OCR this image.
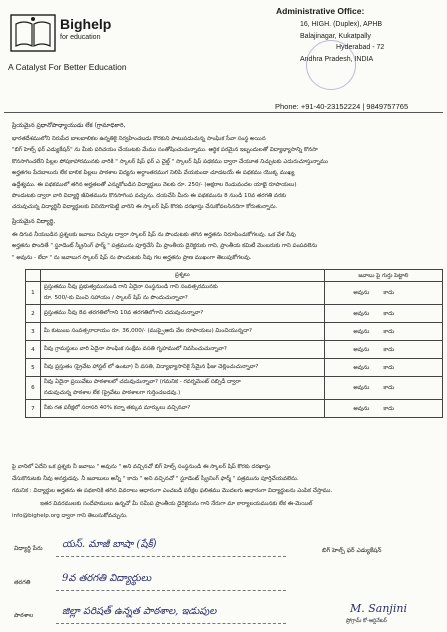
Bighelp
for education
A Catalyst For Better Education
Administrative Office:
16, HIGH. (Duplex), APHB
Balajinagar, Kukatpally
Hyderabad - 72
Andhra Pradesh, INDIA
Phone: +91-40-23152224 | 9849757765
ప్రియమైన ప్రధానోపాధ్యాయుడు లేక (గ్రామాధికారి,
భారతదేశములోని నిరుపేద బాలబాలికల ఉన్నతికై నిర్వహించబడు కొరకుని పాటుపడుచున్న సాంఘిక సేవా సంస్థ అయిన
"బిగ్ హెల్ప్ ఫర్ ఎడ్యుకేషన్" ను మీకు పరిచయం చేయుటకు మేము సంతోషించుచున్నాము. ఆర్థిక పరమైన ఇబ్బందులతో విద్యాభ్యాసాన్ని కొనసా
కొనసాగించలేని పిల్లల పోషకాహారమునకు వారికి " స్కాలర్ షిప్ ఫర్ ఎ చైల్డ్ " స్కాలర్ షిప్ పథకము ద్వారా చేయూత నిచ్చుటకు ఎదురుచూస్తున్నాము
అర్హతగల పేదబాలురు లేక బాలిక పిల్లలు పాఠశాల విద్యను అర్ధాంతరముగ నిలిపి వేయకుండా చూడటయే ఈ పథకము యొక్క ముఖ్య
ఉద్దేశ్యము. ఈ పథకములో తగిన అర్హతలతో ఎన్నుకోబడిన విద్యార్థులు నెలకు రూ. 250/- (అక్షరాల రెండువందల యాభై రూపాయలు)
పొందుటకు ద్వారా వారి విద్యార్థి జీవితమును కొనసాగింప వచ్చును. దయచేసి మీరు ఈ పథకమును 8 నుండి 10వ తరగతి వరకు
చదువుచున్న విద్యార్థినీ విద్యార్థులకు వినియోగపెట్టి వారిని ఈ స్కాలర్ షిప్ కొరకు దరఖాస్తు చేసుకోవలసినదిగా కోరుతున్నాను.
ప్రియమైన విద్యార్థి,
ఈ దిగువ నీయబడిన ప్రశ్నలకు జవాబు నిచ్చుట ద్వారా స్కాలర్ షిప్ ను పొందుటకు తగిన అర్హతను నిరూపించుకోగలవు. ఒక వేళ నీవు
అర్హతను పొందితే " స్టూడెంట్ స్క్రీనింగ్ ఫార్మ్ " పత్రమును పూర్తిచేసి మీ ప్రాంతీయ డైరెక్టరుకు గాని, ప్రాంతీయ కమిటీ మెంబరుకు గాని పంపవలెను
" అవును - లేదా " ను జవాబుగ స్కాలర్ షిప్ ను పొందుటకు నీవు గల అర్హతను ప్రాణ ముఖంగా తెలుపుకోగలవు.
	ప్రశ్నలు	జవాబు పై గుర్తు పెట్టాలి
1	ప్రస్తుతము నీవు ప్రభుత్వమునుండి గాని ఏదైనా సంస్థనుండి గాని సంవత్సరమునకు
రూ. 500/-కు మించి సహాయం / స్కాలర్ షిప్ ను పొందుచున్నావా?	అవును కాదు
2	ప్రస్తుతము నీవు 8వ తరగతిలోగాని 10వ తరగతిలోగాని చదువుచున్నావా?	అవును కాదు
3	మీ కుటుంబ సంవత్సరాదాయం రూ. 36,000/- (ముప్పైఆరు వేల రూపాయలు) మించియున్నదా?	అవును కాదు
4	నీవు గ్రామస్థులు వారి ఏదైనా సాంఘిక సంక్షేమ వసతి గృహములో నివసించుచున్నావా?	అవును కాదు
5	నీవు ప్రస్తుతం (ప్రైవేట హాస్టల్ లో ఉంటూ) నీ వసతి, విద్యాభ్యాసానికై సేమైన ఫీజు చెల్లించుచున్నావా?	అవును కాదు
6	నీవు ఏదైనా ప్రయివేటు పాఠశాలలో చదువుచున్నావా? (గమనిక - గవర్నమెంట్ సబ్సిడీ ద్వారా
నడువుచున్న పాఠశాల లేక (ప్రైవేటు పాఠశాలగా గుర్తించబడవు.)	అవును కాదు
7	నీకు గత పరీక్షలో సరాసరి 40% కన్నా తక్కువ మార్కులు వచ్చినవా?	అవును కాదు
పై వానిలో ఏదేని ఒక ప్రశ్నకు నీ జవాబు " అవును " అని వచ్చినచో బిగ్ హెల్ప్ సంస్థనుండి ఈ స్కాలర్ షిప్ కొరకు దరఖాస్తు
చేసుకొనుటకు నీవు అనర్హుడవు. నీ జవాబులు అన్నీ " కాదు " అని వచ్చినచో " స్టూడెంట్ స్క్రీనింగ్ ఫార్మ్ " పత్రమును పూర్తిచేయవలెను.
గమనిక : విద్యార్థుల అర్హతను ఈ పథకానికి తగిన వివరాలు ఆధారంగా ఎంచబడి పరీక్షల ఫలితము మొదలగు ఆధారంగా విద్యార్థులను ఎంపిక చేస్తాము.
ఇతర వివరములకు సందేహములు ఉన్నచో మీ సమీప ప్రాంతీయ డైరెక్టరును గాని నేరుగా మా కార్యాలయమునకు లేక ఈ-మెయిల్
info@bighelp.org ద్వారా గాని తెలుసుకోవచ్చును.
విద్యార్థి పేరు యస్. మాజీ బాషా (షేక్)
తరగతి	9వ తరగతి విద్యార్థులు
పాఠశాల	జిల్లా పరిషత్ ఉన్నత పాఠశాల, ఇడుపుల
బిగ్ హెల్ప్ ఫర్ ఎడ్యుకేషన్
M. Sanjini
ప్రోగ్రామ్ కో-ఆర్డినేటర్
